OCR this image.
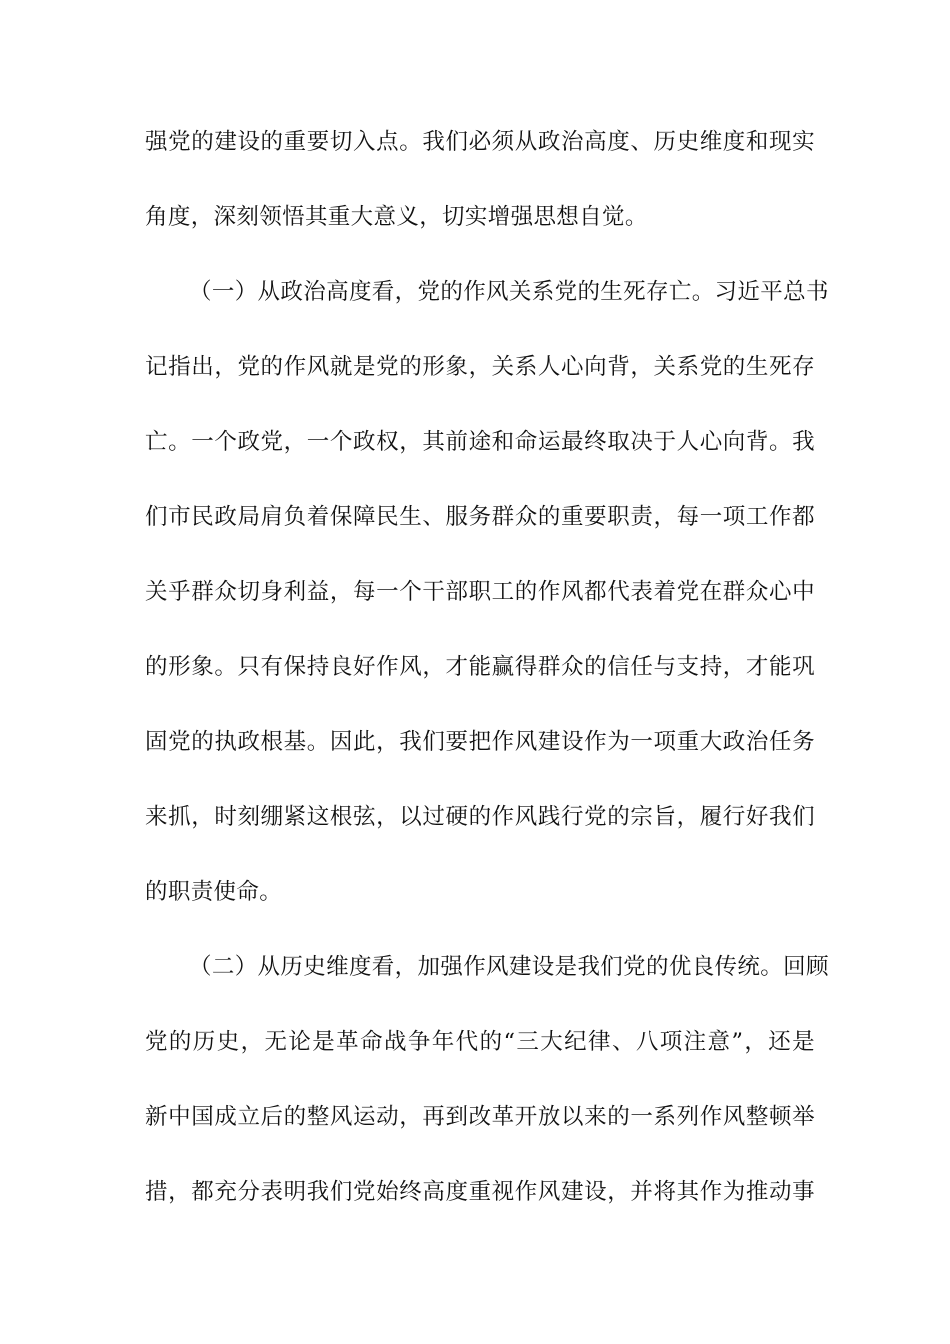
强党的建设的重要切入点。我们必须从政治高度、历史维度和现实
角度，深刻领悟其重大意义，切实增强思想自觉。
（一）从政治高度看，党的作风关系党的生死存亡。习近平总书
记指出，党的作风就是党的形象，关系人心向背，关系党的生死存
亡。一个政党，一个政权，其前途和命运最终取决于人心向背。我
们市民政局肩负着保障民生、服务群众的重要职责，每一项工作都
关乎群众切身利益，每一个干部职工的作风都代表着党在群众心中
的形象。只有保持良好作风，才能赢得群众的信任与支持，才能巩
固党的执政根基。因此，我们要把作风建设作为一项重大政治任务
来抓，时刻绷紧这根弦，以过硬的作风践行党的宗旨，履行好我们
的职责使命。
（二）从历史维度看，加强作风建设是我们党的优良传统。回顾
党的历史，无论是革命战争年代的“三大纪律、八项注意”，还是
新中国成立后的整风运动，再到改革开放以来的一系列作风整顿举
措，都充分表明我们党始终高度重视作风建设，并将其作为推动事
